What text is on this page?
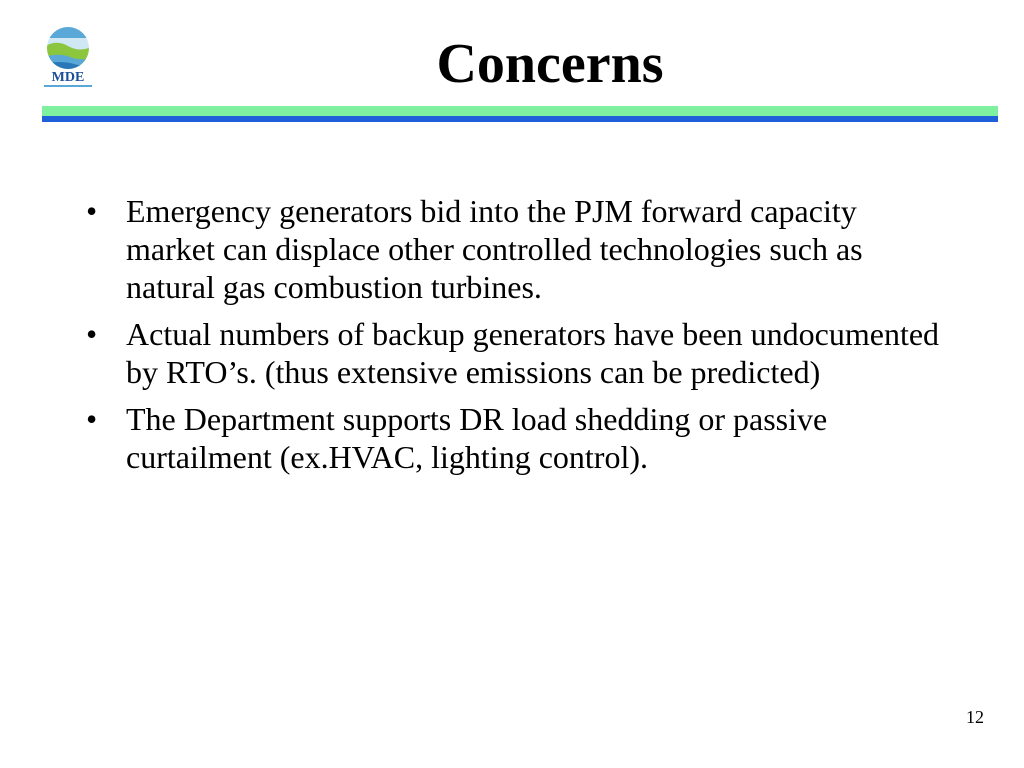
MDE	Concerns
• Emergency generators bid into the PJM forward capacity market can displace other controlled technologies such as natural gas combustion turbines.
• Actual numbers of backup generators have been undocumented by RTO’s. (thus extensive emissions can be predicted)
• The Department supports DR load shedding or passive curtailment (ex.HVAC, lighting control).
12
